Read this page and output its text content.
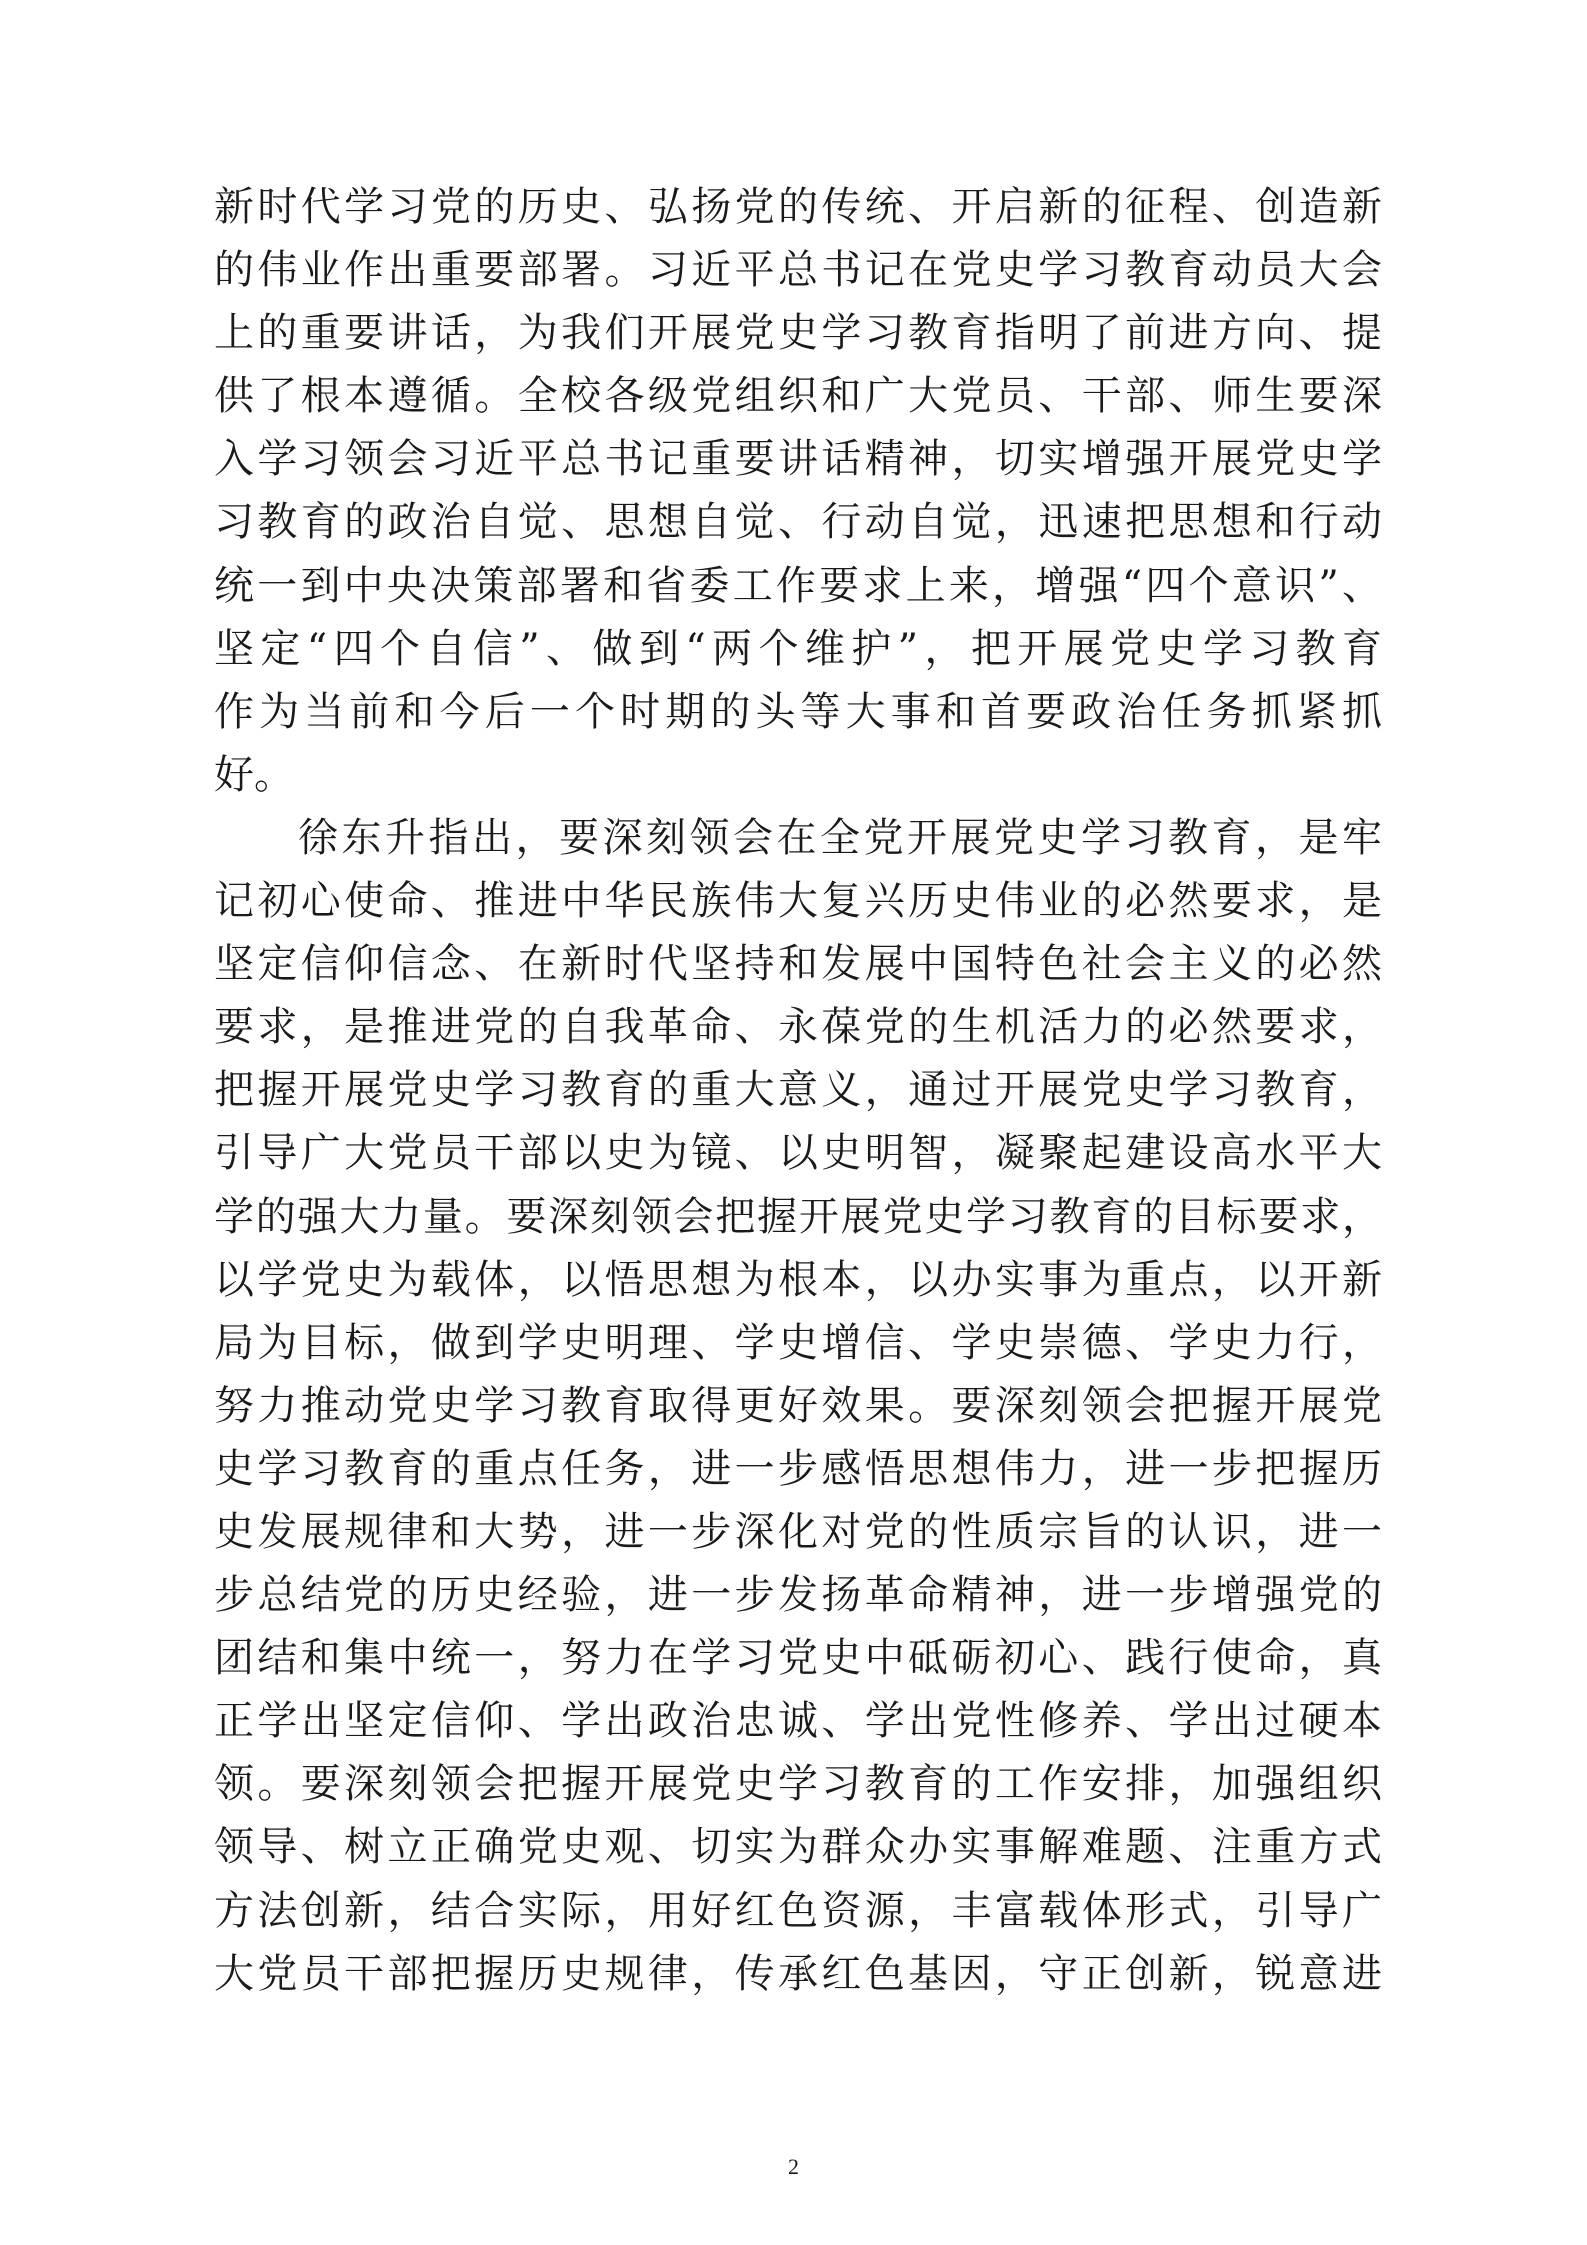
新时代学习党的历史、弘扬党的传统、开启新的征程、创造新
的伟业作出重要部署。习近平总书记在党史学习教育动员大会
上的重要讲话，为我们开展党史学习教育指明了前进方向、提
供了根本遵循。全校各级党组织和广大党员、干部、师生要深
入学习领会习近平总书记重要讲话精神，切实增强开展党史学
习教育的政治自觉、思想自觉、行动自觉，迅速把思想和行动
统一到中央决策部署和省委工作要求上来，增强“四个意识”、
坚定“四个自信”、做到“两个维护”，把开展党史学习教育
作为当前和今后一个时期的头等大事和首要政治任务抓紧抓
好。
徐东升指出，要深刻领会在全党开展党史学习教育，是牢
记初心使命、推进中华民族伟大复兴历史伟业的必然要求，是
坚定信仰信念、在新时代坚持和发展中国特色社会主义的必然
要求，是推进党的自我革命、永葆党的生机活力的必然要求，
把握开展党史学习教育的重大意义，通过开展党史学习教育，
引导广大党员干部以史为镜、以史明智，凝聚起建设高水平大
学的强大力量。要深刻领会把握开展党史学习教育的目标要求，
以学党史为载体，以悟思想为根本，以办实事为重点，以开新
局为目标，做到学史明理、学史增信、学史崇德、学史力行，
努力推动党史学习教育取得更好效果。要深刻领会把握开展党
史学习教育的重点任务，进一步感悟思想伟力，进一步把握历
史发展规律和大势，进一步深化对党的性质宗旨的认识，进一
步总结党的历史经验，进一步发扬革命精神，进一步增强党的
团结和集中统一，努力在学习党史中砥砺初心、践行使命，真
正学出坚定信仰、学出政治忠诚、学出党性修养、学出过硬本
领。要深刻领会把握开展党史学习教育的工作安排，加强组织
领导、树立正确党史观、切实为群众办实事解难题、注重方式
方法创新，结合实际，用好红色资源，丰富载体形式，引导广
大党员干部把握历史规律，传承红色基因，守正创新，锐意进
2
